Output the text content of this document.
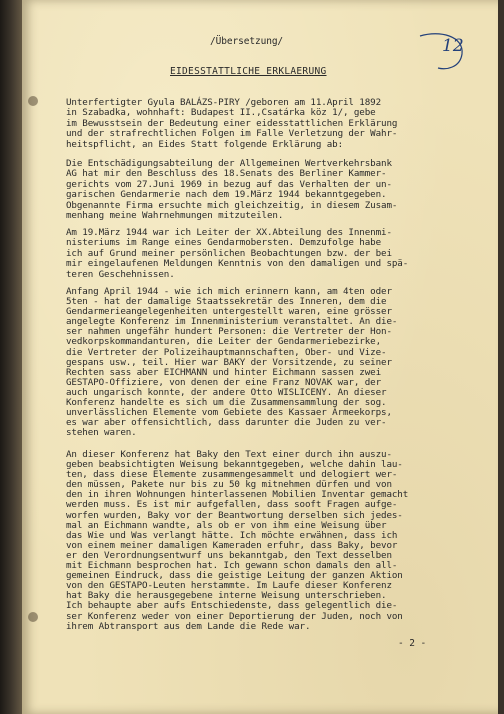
12
/Übersetzung/
EIDESSTATTLICHE ERKLAERUNG
Unterfertigter Gyula BALÁZS-PIRY /geboren am 11.April 1892
in Szabadka, wohnhaft: Budapest II.,Csatárka köz 1/, gebe
im Bewusstsein der Bedeutung einer eidesstattlichen Erklärung
und der strafrechtlichen Folgen im Falle Verletzung der Wahr-
heitspflicht, an Eides Statt folgende Erklärung ab:
Die Entschädigungsabteilung der Allgemeinen Wertverkehrsbank
AG hat mir den Beschluss des 18.Senats des Berliner Kammer-
gerichts vom 27.Juni 1969 in bezug auf das Verhalten der un-
garischen Gendarmerie nach dem 19.März 1944 bekanntgegeben.
Obgenannte Firma ersuchte mich gleichzeitig, in diesem Zusam-
menhang meine Wahrnehmungen mitzuteilen.
Am 19.März 1944 war ich Leiter der XX.Abteilung des Innenmi-
nisteriums im Range eines Gendarmobersten. Demzufolge habe
ich auf Grund meiner persönlichen Beobachtungen bzw. der bei
mir eingelaufenen Meldungen Kenntnis von den damaligen und spä-
teren Geschehnissen.
Anfang April 1944 - wie ich mich erinnern kann, am 4ten oder
5ten - hat der damalige Staatssekretär des Inneren, dem die
Gendarmerieangelegenheiten untergestellt waren, eine grösser
angelegte Konferenz im Innenministerium veranstaltet. An die-
ser nahmen ungefähr hundert Personen: die Vertreter der Hon-
vedkorpskommandanturen, die Leiter der Gendarmeriebezirke,
die Vertreter der Polizeihauptmannschaften, Ober- und Vize-
gespans usw., teil. Hier war BAKY der Vorsitzende, zu seiner
Rechten sass aber EICHMANN und hinter Eichmann sassen zwei
GESTAPO-Offiziere, von denen der eine Franz NOVAK war, der
auch ungarisch konnte, der andere Otto WISLICENY. An dieser
Konferenz handelte es sich um die Zusammensammlung der sog.
unverlässlichen Elemente vom Gebiete des Kassaer Ármeekorps,
es war aber offensichtlich, dass darunter die Juden zu ver-
stehen waren.
An dieser Konferenz hat Baky den Text einer durch ihn auszu-
geben beabsichtigten Weisung bekanntgegeben, welche dahin lau-
ten, dass diese Elemente zusammengesammelt und delogiert wer-
den müssen, Pakete nur bis zu 50 kg mitnehmen dürfen und von
den in ihren Wohnungen hinterlassenen Mobilien Inventar gemacht
werden muss. Es ist mir aufgefallen, dass sooft Fragen aufge-
worfen wurden, Baky vor der Beantwortung derselben sich jedes-
mal an Eichmann wandte, als ob er von ihm eine Weisung über
das Wie und Was verlangt hätte. Ich möchte erwähnen, dass ich
von einem meiner damaligen Kameraden erfuhr, dass Baky, bevor
er den Verordnungsentwurf uns bekanntgab, den Text desselben
mit Eichmann besprochen hat. Ich gewann schon damals den all-
gemeinen Eindruck, dass die geistige Leitung der ganzen Aktion
von den GESTAPO-Leuten herstammte. Im Laufe dieser Konferenz
hat Baky die herausgegebene interne Weisung unterschrieben.
Ich behaupte aber aufs Entschiedenste, dass gelegentlich die-
ser Konferenz weder von einer Deportierung der Juden, noch von
ihrem Abtransport aus dem Lande die Rede war.
- 2 -
